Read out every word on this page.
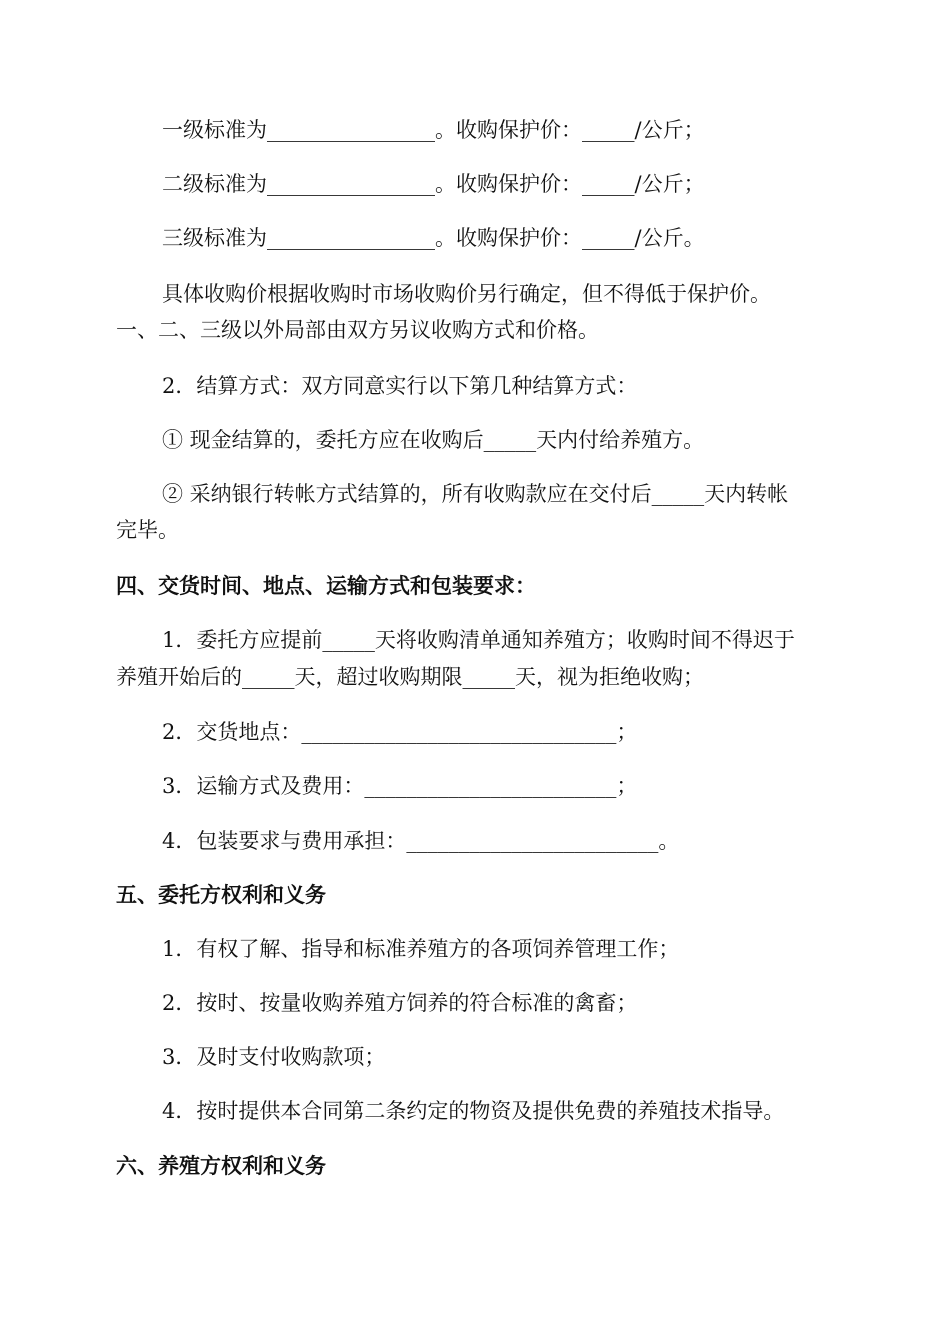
一级标准为________________。收购保护价：_____/公斤；
二级标准为________________。收购保护价：_____/公斤；
三级标准为________________。收购保护价：_____/公斤。
具体收购价根据收购时市场收购价另行确定，但不得低于保护价。
一、二、三级以外局部由双方另议收购方式和价格。
2．结算方式：双方同意实行以下第几种结算方式：
① 现金结算的，委托方应在收购后_____天内付给养殖方。
② 采纳银行转帐方式结算的，所有收购款应在交付后_____天内转帐
完毕。
四、交货时间、地点、运输方式和包装要求：
1．委托方应提前_____天将收购清单通知养殖方；收购时间不得迟于
养殖开始后的_____天，超过收购期限_____天，视为拒绝收购；
2．交货地点：______________________________；
3．运输方式及费用：________________________；
4．包装要求与费用承担：________________________。
五、委托方权利和义务
1．有权了解、指导和标准养殖方的各项饲养管理工作；
2．按时、按量收购养殖方饲养的符合标准的禽畜；
3．及时支付收购款项；
4．按时提供本合同第二条约定的物资及提供免费的养殖技术指导。
六、养殖方权利和义务
